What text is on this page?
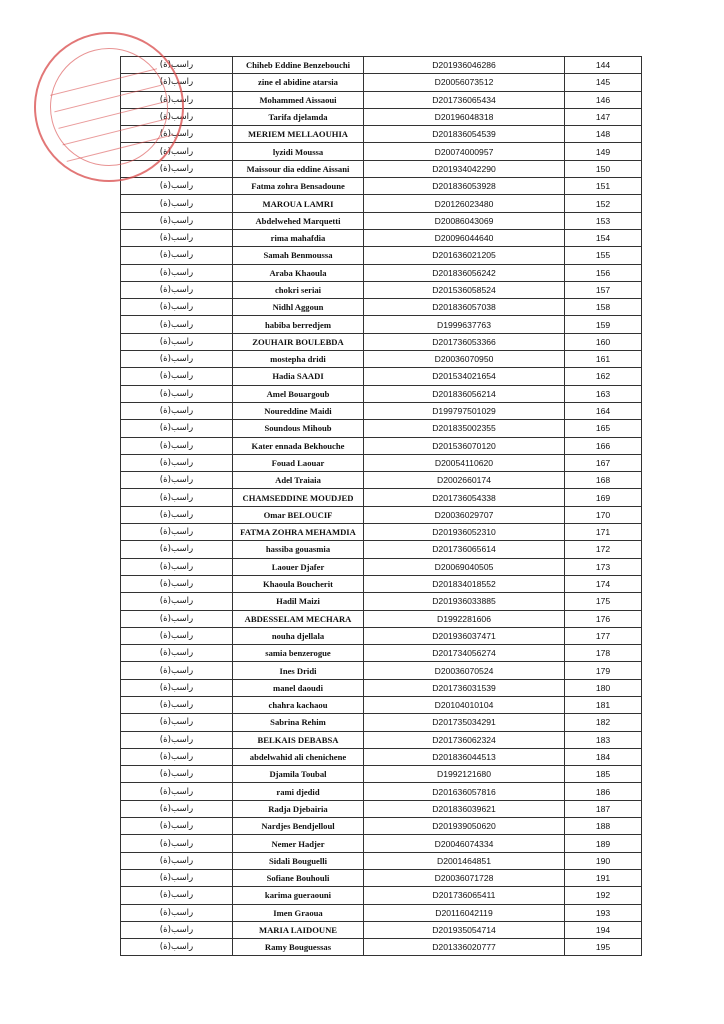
راسب(ة)	Chiheb Eddine Benzebouchi	D201936046286	144
راسب(ة)	zine el abidine atarsia	D20056073512	145
راسب(ة)	Mohammed Aissaoui	D201736065434	146
راسب(ة)	Tarifa djelamda	D20196048318	147
راسب(ة)	MERIEM MELLAOUHIA	D201836054539	148
راسب(ة)	lyzidi Moussa	D20074000957	149
راسب(ة)	Maissour dia eddine Aissani	D201934042290	150
راسب(ة)	Fatma zohra Bensadoune	D201836053928	151
راسب(ة)	MAROUA LAMRI	D20126023480	152
راسب(ة)	Abdelwehed Marquetti	D20086043069	153
راسب(ة)	rima mahafdia	D20096044640	154
راسب(ة)	Samah Benmoussa	D201636021205	155
راسب(ة)	Araba Khaoula	D201836056242	156
راسب(ة)	chokri seriai	D201536058524	157
راسب(ة)	Nidhl Aggoun	D201836057038	158
راسب(ة)	habiba berredjem	D1999637763	159
راسب(ة)	ZOUHAIR BOULEBDA	D201736053366	160
راسب(ة)	mostepha dridi	D20036070950	161
راسب(ة)	Hadia SAADI	D201534021654	162
راسب(ة)	Amel Bouargoub	D201836056214	163
راسب(ة)	Noureddine Maidi	D199797501029	164
راسب(ة)	Soundous Mihoub	D201835002355	165
راسب(ة)	Kater ennada Bekhouche	D201536070120	166
راسب(ة)	Fouad Laouar	D20054110620	167
راسب(ة)	Adel Traiaia	D2002660174	168
راسب(ة)	CHAMSEDDINE MOUDJED	D201736054338	169
راسب(ة)	Omar BELOUCIF	D20036029707	170
راسب(ة)	FATMA ZOHRA MEHAMDIA	D201936052310	171
راسب(ة)	hassiba gouasmia	D201736065614	172
راسب(ة)	Laouer Djafer	D20069040505	173
راسب(ة)	Khaoula Boucherit	D201834018552	174
راسب(ة)	Hadil Maizi	D201936033885	175
راسب(ة)	ABDESSELAM MECHARA	D1992281606	176
راسب(ة)	nouha djellala	D201936037471	177
راسب(ة)	samia benzerogue	D201734056274	178
راسب(ة)	Ines Dridi	D20036070524	179
راسب(ة)	manel daoudi	D201736031539	180
راسب(ة)	chahra kachaou	D20104010104	181
راسب(ة)	Sabrina Rehim	D201735034291	182
راسب(ة)	BELKAIS DEBABSA	D201736062324	183
راسب(ة)	abdelwahid ali chenichene	D201836044513	184
راسب(ة)	Djamila Toubal	D1992121680	185
راسب(ة)	rami djedid	D201636057816	186
راسب(ة)	Radja Djebairia	D201836039621	187
راسب(ة)	Nardjes Bendjelloul	D201939050620	188
راسب(ة)	Nemer Hadjer	D20046074334	189
راسب(ة)	Sidali Bouguelli	D2001464851	190
راسب(ة)	Sofiane Bouhouli	D20036071728	191
راسب(ة)	karima gueraouni	D201736065411	192
راسب(ة)	Imen Graoua	D20116042119	193
راسب(ة)	MARIA LAIDOUNE	D201935054714	194
راسب(ة)	Ramy Bouguessas	D201336020777	195
